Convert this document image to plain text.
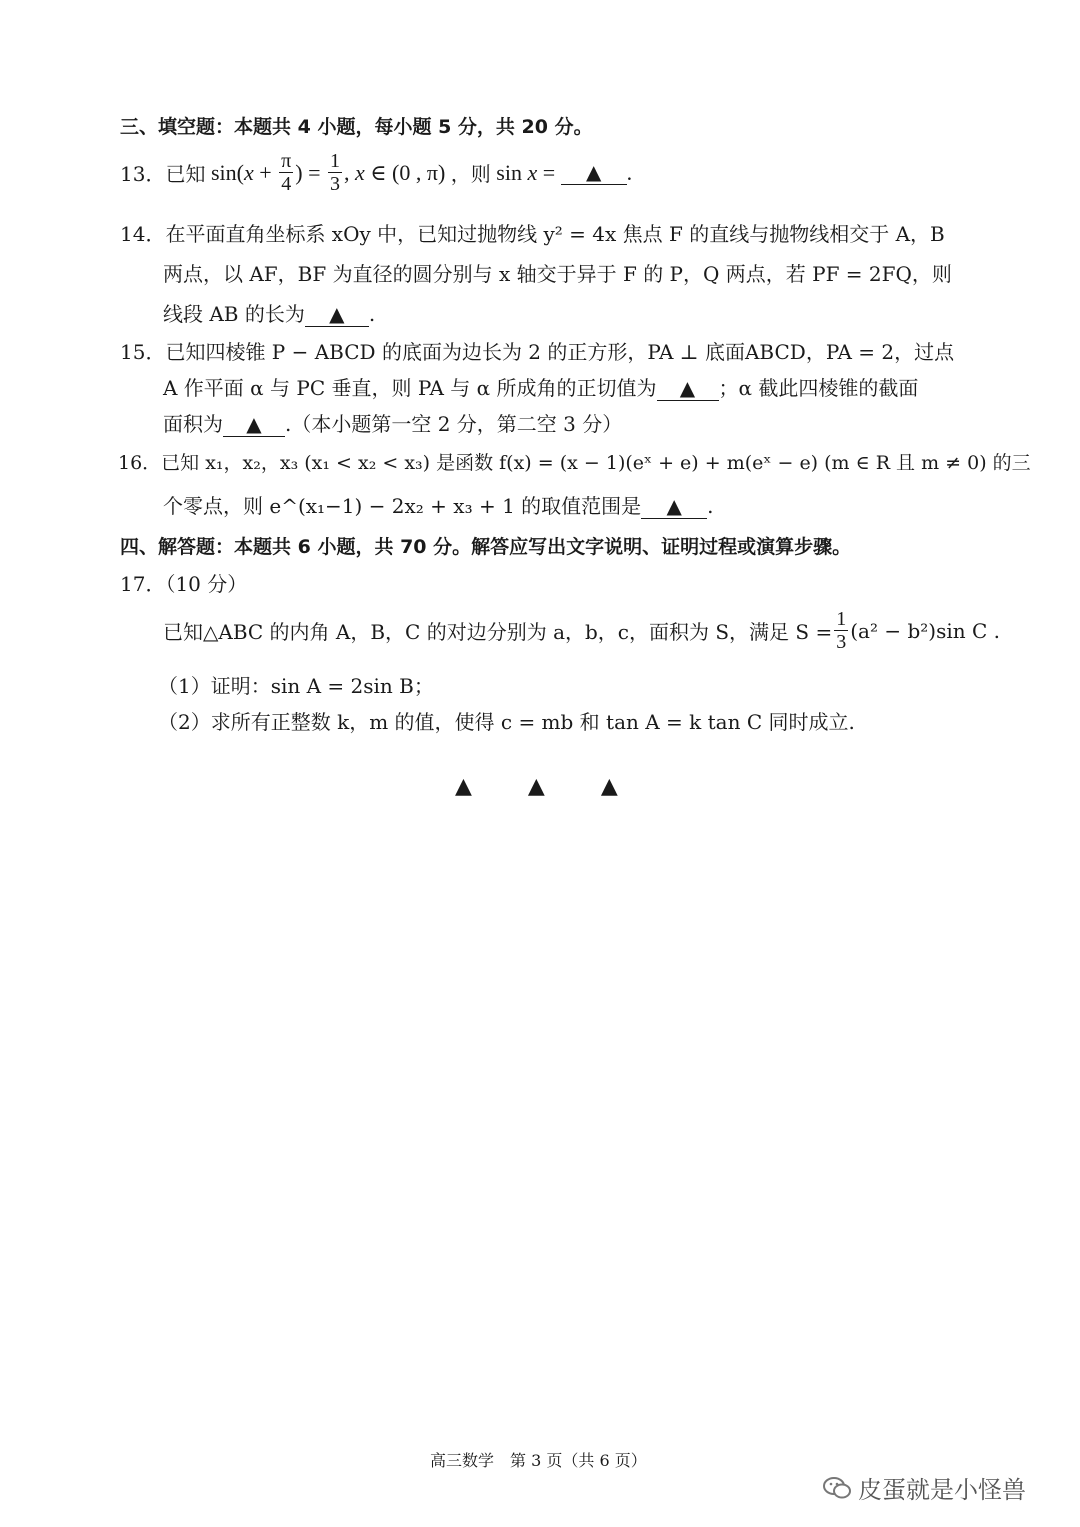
三、填空题：本题共 4 小题，每小题 5 分，共 20 分。
13． 已知 sin( $x + \frac{\pi}{4}$ ) = $\frac{1}{3}$ , x ∈ (0 , π) ，则 sin x =	▲	.
14．在平面直角坐标系 xOy 中，已知过抛物线 y² = 4x 焦点 F 的直线与抛物线相交于 A，B
两点，以 AF，BF 为直径的圆分别与 x 轴交于异于 F 的 P，Q 两点，若 PF = 2FQ，则
线段 AB 的长为 ▲ .
15．已知四棱锥 P − ABCD 的底面为边长为 2 的正方形，PA ⊥ 底面ABCD，PA = 2，过点
A 作平面 α 与 PC 垂直，则 PA 与 α 所成角的正切值为 ▲ ；α 截此四棱锥的截面
面积为 ▲ .（本小题第一空 2 分，第二空 3 分）
16．已知 x₁，x₂，x₃ (x₁ < x₂ < x₃) 是函数 f(x) = (x − 1)(eˣ + e) + m(eˣ − e) (m ∈ R 且 m ≠ 0) 的三
个零点，则 e^(x₁−1) − 2x₂ + x₃ + 1 的取值范围是 ▲ .
四、解答题：本题共 6 小题，共 70 分。解答应写出文字说明、证明过程或演算步骤。
17．（10 分）
已知△ABC 的内角 A，B，C 的对边分别为 a，b，c，面积为 S，满足 $S = \frac{1}{3} (a^2 - b^2)\sin$ C .
（1）证明：sin A = 2sin B；
（2）求所有正整数 k，m 的值，使得 c = mb 和 tan A = k tan C 同时成立.
▲	▲	▲
高三数学　第 3 页（共 6 页）
皮蛋就是小怪兽
